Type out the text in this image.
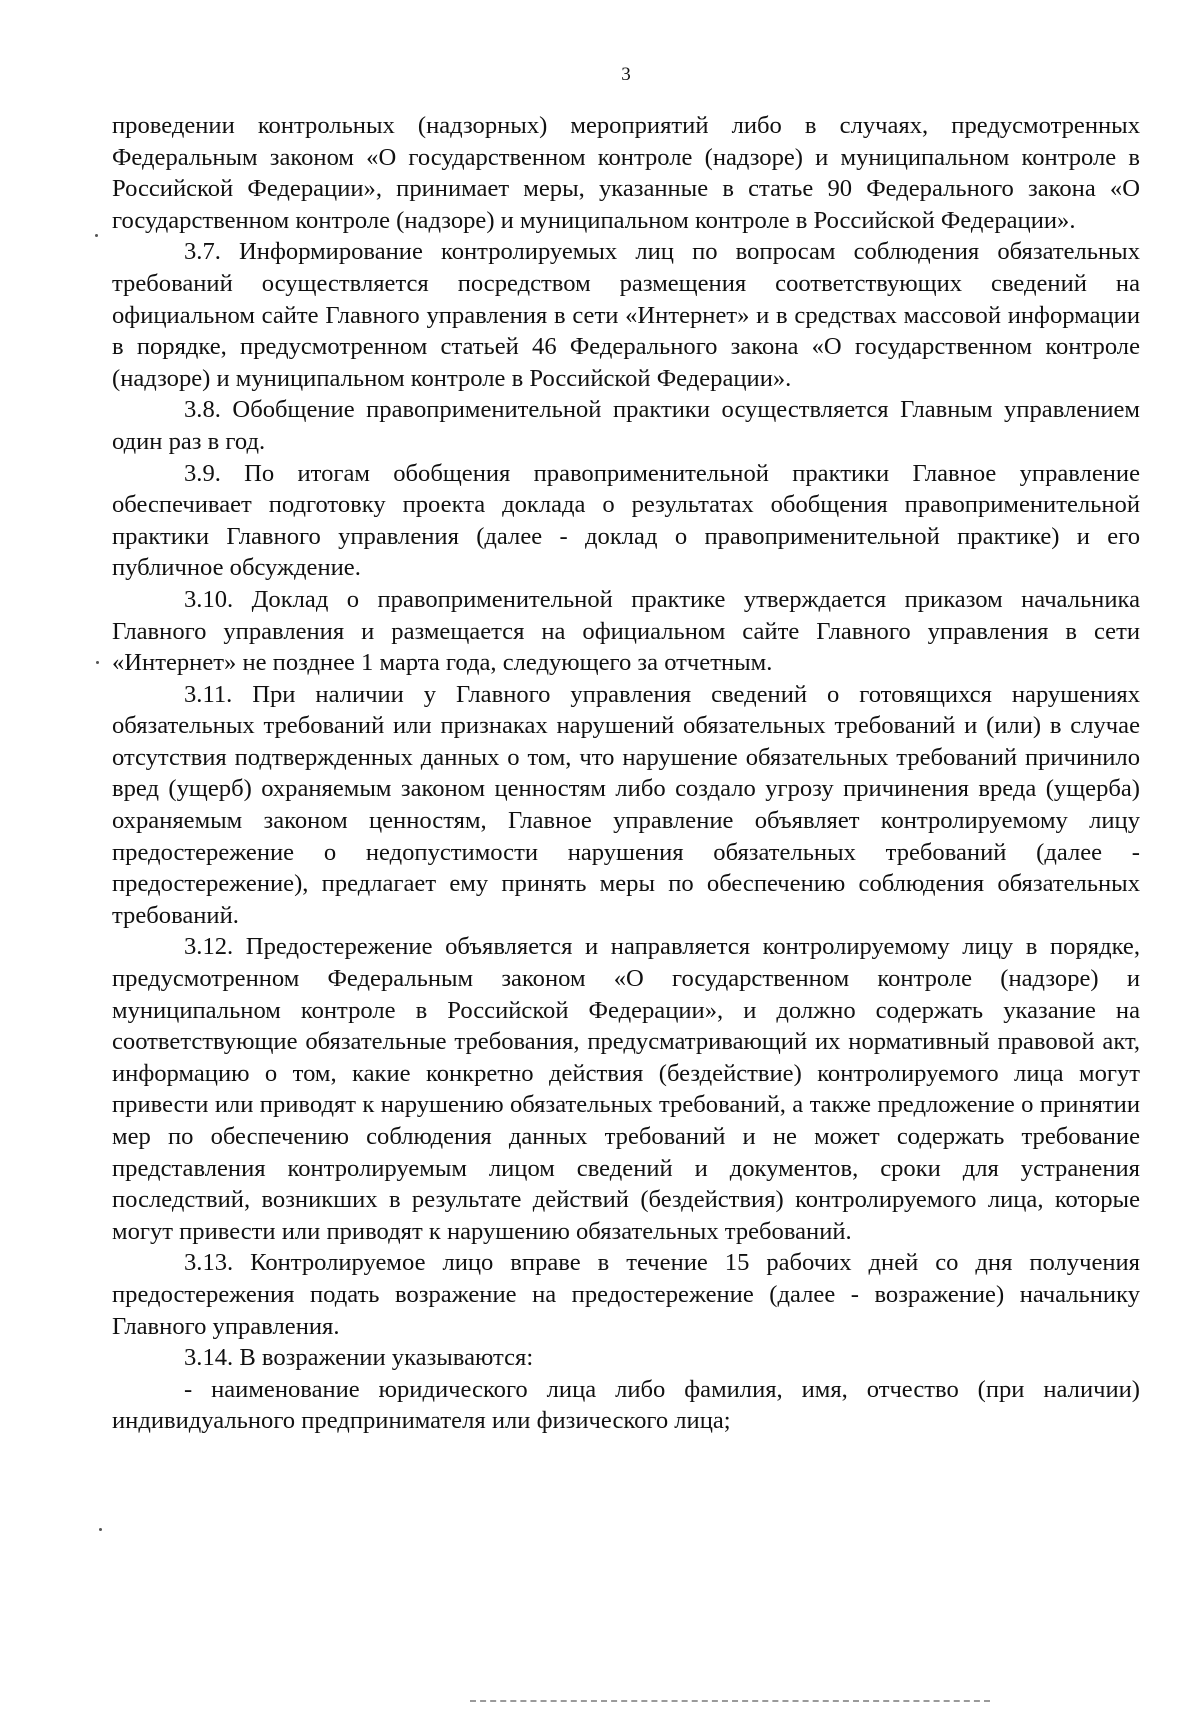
3

проведении контрольных (надзорных) мероприятий либо в случаях, предусмотренных Федеральным законом «О государственном контроле (надзоре) и муниципальном контроле в Российской Федерации», принимает меры, указанные в статье 90 Федерального закона «О государственном контроле (надзоре) и муниципальном контроле в Российской Федерации».

3.7. Информирование контролируемых лиц по вопросам соблюдения обязательных требований осуществляется посредством размещения соответствующих сведений на официальном сайте Главного управления в сети «Интернет» и в средствах массовой информации в порядке, предусмотренном статьей 46 Федерального закона «О государственном контроле (надзоре) и муниципальном контроле в Российской Федерации».

3.8. Обобщение правоприменительной практики осуществляется Главным управлением один раз в год.

3.9. По итогам обобщения правоприменительной практики Главное управление обеспечивает подготовку проекта доклада о результатах обобщения правоприменительной практики Главного управления (далее - доклад о правоприменительной практике) и его публичное обсуждение.

3.10. Доклад о правоприменительной практике утверждается приказом начальника Главного управления и размещается на официальном сайте Главного управления в сети «Интернет» не позднее 1 марта года, следующего за отчетным.

3.11. При наличии у Главного управления сведений о готовящихся нарушениях обязательных требований или признаках нарушений обязательных требований и (или) в случае отсутствия подтвержденных данных о том, что нарушение обязательных требований причинило вред (ущерб) охраняемым законом ценностям либо создало угрозу причинения вреда (ущерба) охраняемым законом ценностям, Главное управление объявляет контролируемому лицу предостережение о недопустимости нарушения обязательных требований (далее - предостережение), предлагает ему принять меры по обеспечению соблюдения обязательных требований.

3.12. Предостережение объявляется и направляется контролируемому лицу в порядке, предусмотренном Федеральным законом «О государственном контроле (надзоре) и муниципальном контроле в Российской Федерации», и должно содержать указание на соответствующие обязательные требования, предусматривающий их нормативный правовой акт, информацию о том, какие конкретно действия (бездействие) контролируемого лица могут привести или приводят к нарушению обязательных требований, а также предложение о принятии мер по обеспечению соблюдения данных требований и не может содержать требование представления контролируемым лицом сведений и документов, сроки для устранения последствий, возникших в результате действий (бездействия) контролируемого лица, которые могут привести или приводят к нарушению обязательных требований.

3.13. Контролируемое лицо вправе в течение 15 рабочих дней со дня получения предостережения подать возражение на предостережение (далее - возражение) начальнику Главного управления.

3.14. В возражении указываются:

- наименование юридического лица либо фамилия, имя, отчество (при наличии) индивидуального предпринимателя или физического лица;
